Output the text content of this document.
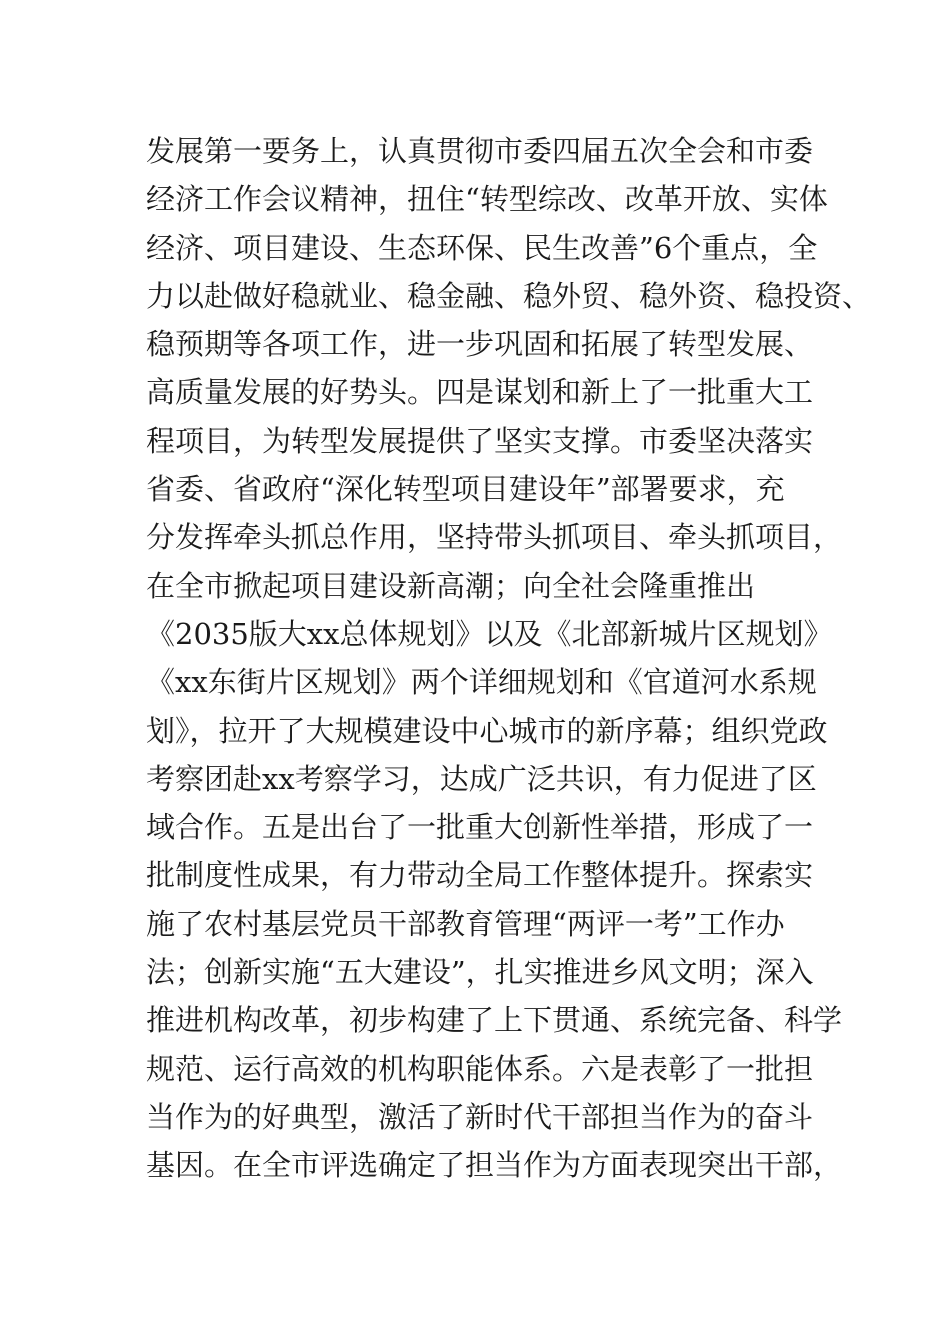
发展第一要务上，认真贯彻市委四届五次全会和市委
经济工作会议精神，扭住“转型综改、改革开放、实体
经济、项目建设、生态环保、民生改善”6个重点，全
力以赴做好稳就业、稳金融、稳外贸、稳外资、稳投资、
稳预期等各项工作，进一步巩固和拓展了转型发展、
高质量发展的好势头。四是谋划和新上了一批重大工
程项目，为转型发展提供了坚实支撑。市委坚决落实
省委、省政府“深化转型项目建设年”部署要求，充
分发挥牵头抓总作用，坚持带头抓项目、牵头抓项目，
在全市掀起项目建设新高潮；向全社会隆重推出
《2035版大xx总体规划》以及《北部新城片区规划》
《xx东街片区规划》两个详细规划和《官道河水系规
划》，拉开了大规模建设中心城市的新序幕；组织党政
考察团赴xx考察学习，达成广泛共识，有力促进了区
域合作。五是出台了一批重大创新性举措，形成了一
批制度性成果，有力带动全局工作整体提升。探索实
施了农村基层党员干部教育管理“两评一考”工作办
法；创新实施“五大建设”，扎实推进乡风文明；深入
推进机构改革，初步构建了上下贯通、系统完备、科学
规范、运行高效的机构职能体系。六是表彰了一批担
当作为的好典型，激活了新时代干部担当作为的奋斗
基因。在全市评选确定了担当作为方面表现突出干部，
